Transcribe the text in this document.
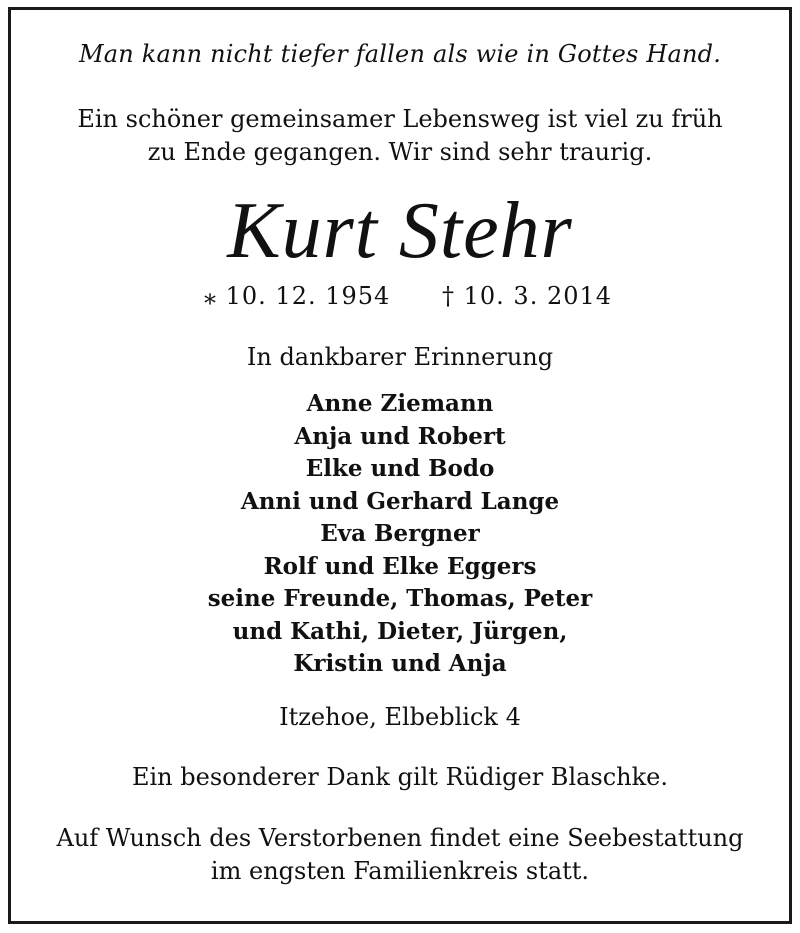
Man kann nicht tiefer fallen als wie in Gottes Hand.
Ein schöner gemeinsamer Lebensweg ist viel zu früh
zu Ende gegangen. Wir sind sehr traurig.
Kurt Stehr
⁎ 10. 12. 1954 † 10. 3. 2014
In dankbarer Erinnerung
Anne Ziemann
Anja und Robert
Elke und Bodo
Anni und Gerhard Lange
Eva Bergner
Rolf und Elke Eggers
seine Freunde, Thomas, Peter
und Kathi, Dieter, Jürgen,
Kristin und Anja
Itzehoe, Elbeblick 4
Ein besonderer Dank gilt Rüdiger Blaschke.
Auf Wunsch des Verstorbenen findet eine Seebestattung
im engsten Familienkreis statt.
